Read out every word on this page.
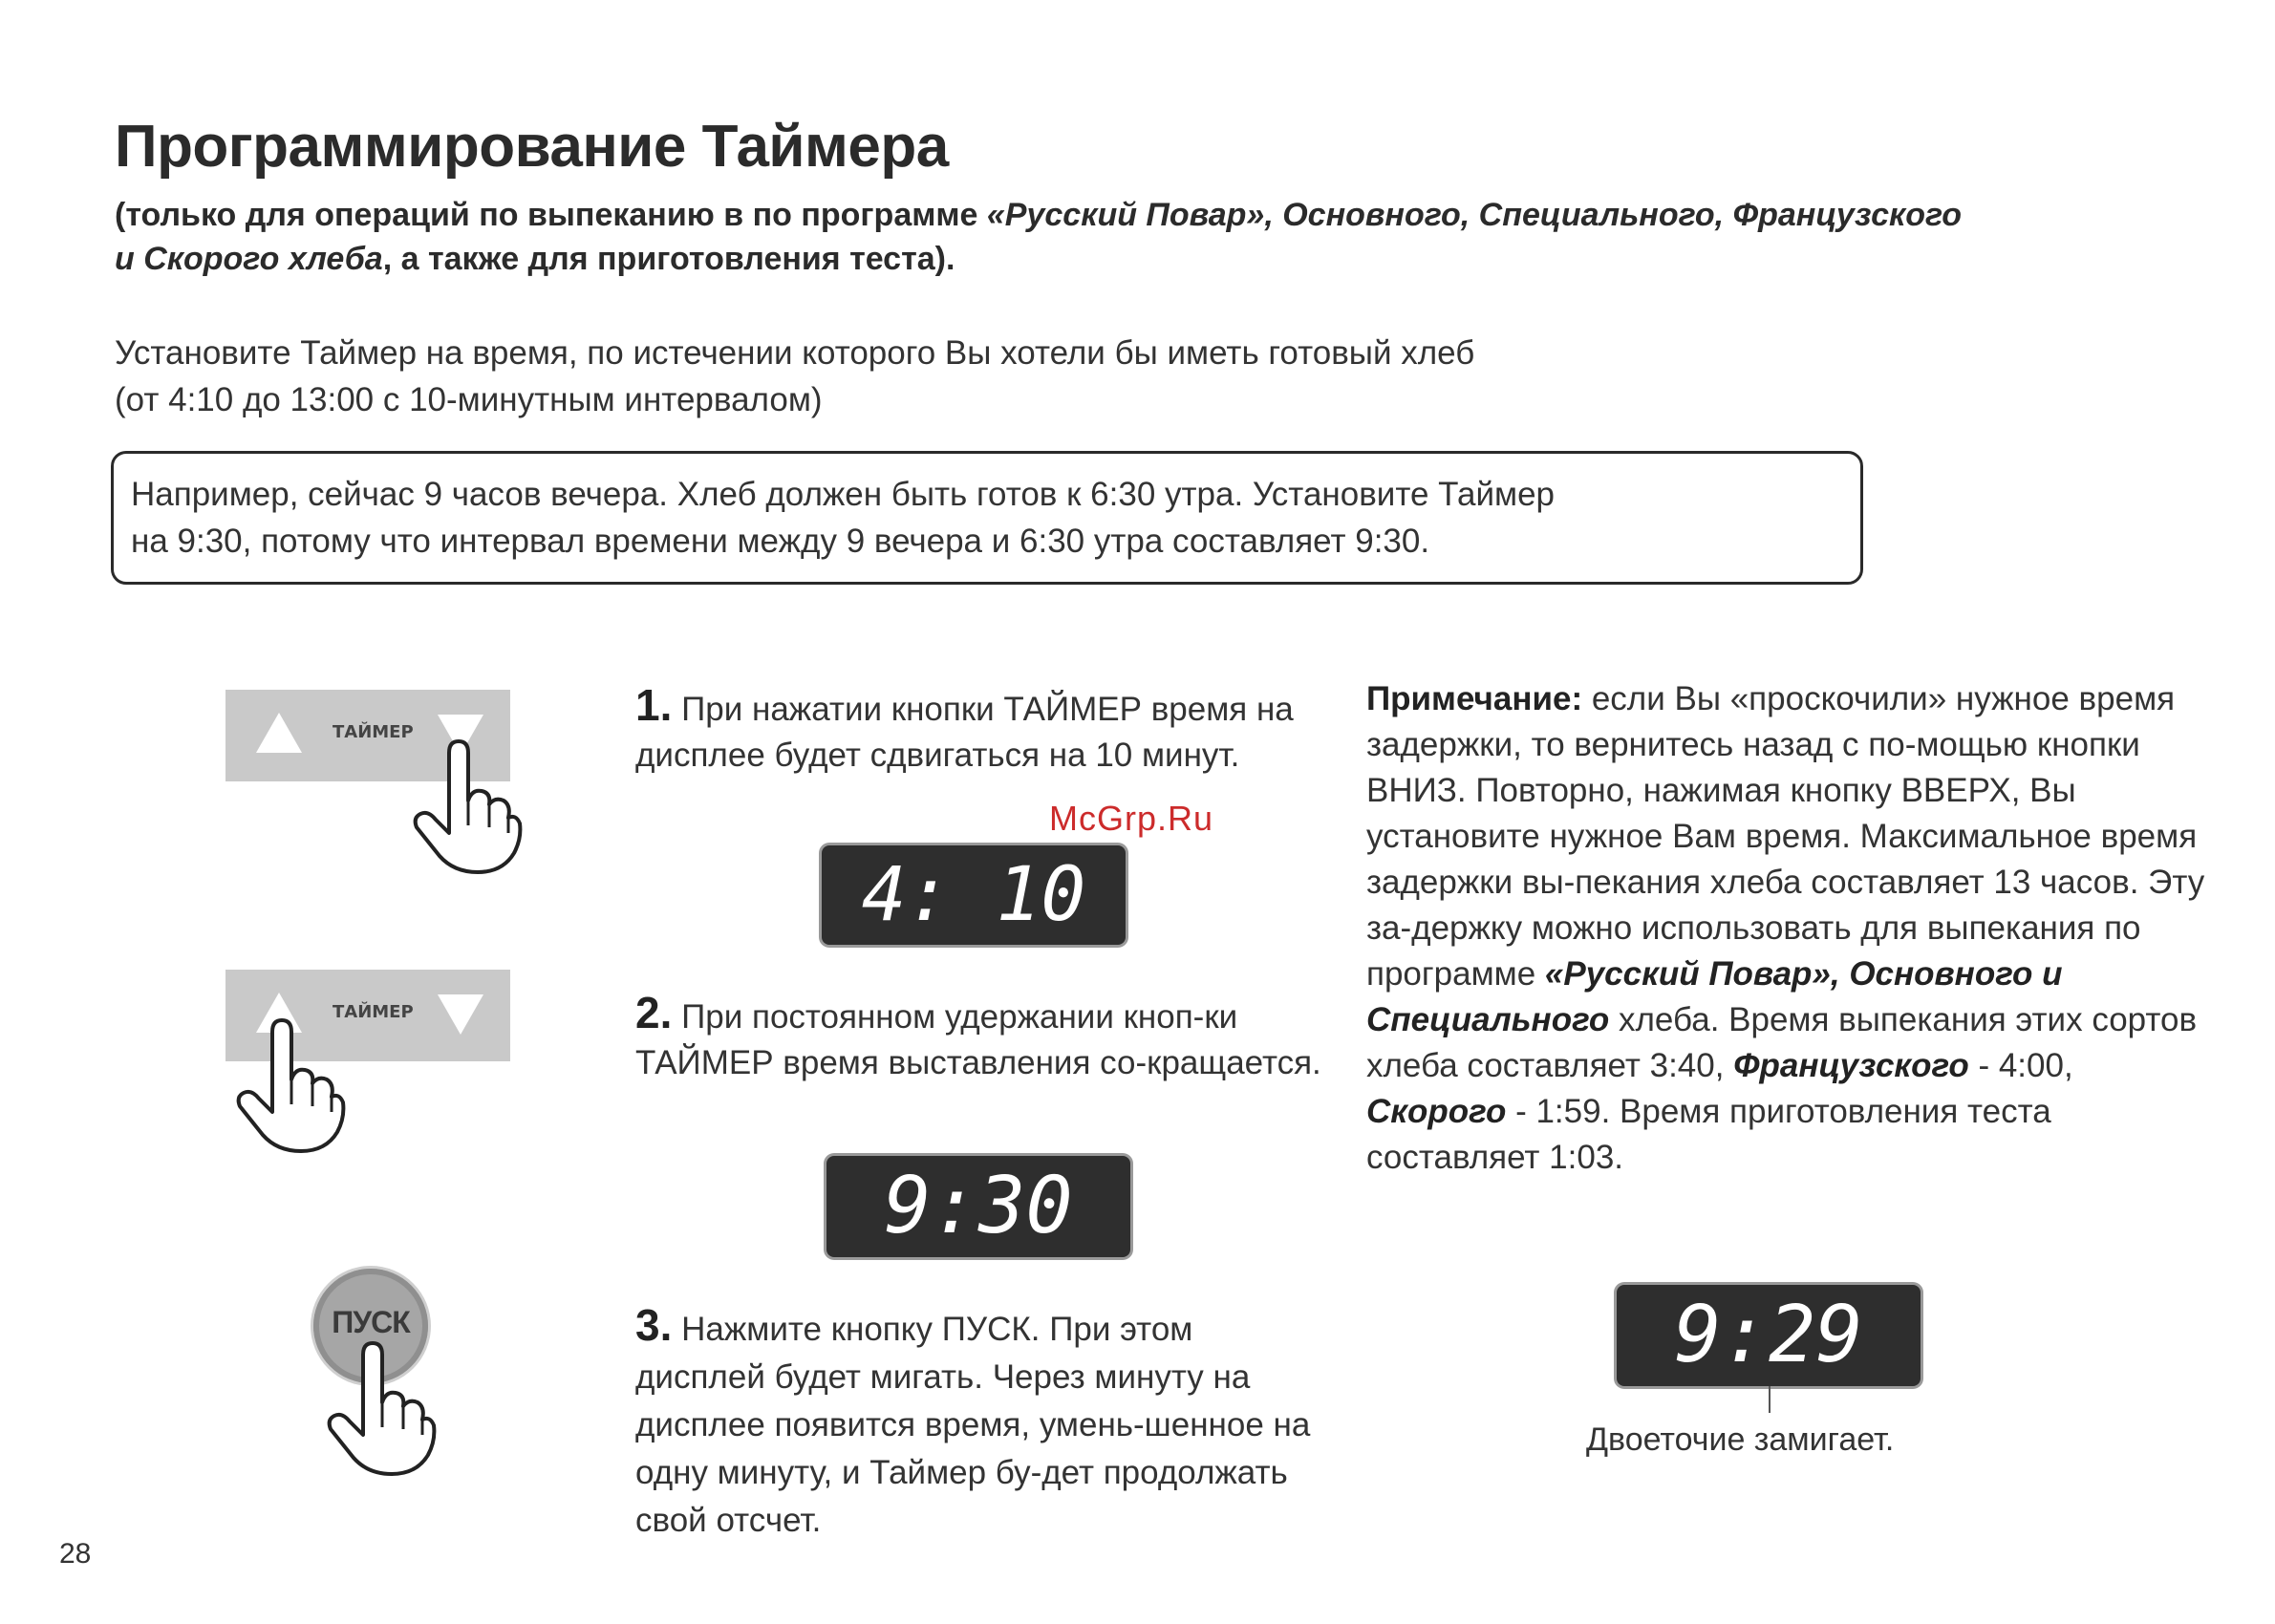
Программирование Таймера
(только для операций по выпеканию в по программе «Русский Повар», Основного, Специального, Французского
и Скорого хлеба, а также для приготовления теста).
Установите Таймер на время, по истечении которого Вы хотели бы иметь готовый хлеб
(от 4:10 до 13:00 с 10-минутным интервалом)
Например, сейчас 9 часов вечера. Хлеб должен быть готов к 6:30 утра. Установите Таймер
на 9:30, потому что интервал времени между 9 вечера и 6:30 утра составляет 9:30.
ТАЙМЕР
ТАЙМЕР
ПУСК
1. При нажатии кнопки ТАЙМЕР время на дисплее будет сдвигаться на 10 минут.
4: 10
2. При постоянном удержании кноп-ки ТАЙМЕР время выставления со-кращается.
9:30
3. Нажмите кнопку ПУСК. При этом дисплей будет мигать. Через минуту на дисплее появится время, умень-шенное на одну минуту, и Таймер бу-дет продолжать свой отсчет.
McGrp.Ru
Примечание: если Вы «проскочили» нужное время задержки, то вернитесь назад с по-мощью кнопки ВНИЗ. Повторно, нажимая кнопку ВВЕРХ, Вы установите нужное Вам время. Максимальное время задержки вы-пекания хлеба составляет 13 часов. Эту за-держку можно использовать для выпекания по программе «Русский Повар», Основного и Специального хлеба. Время выпекания этих сортов хлеба составляет 3:40, Французского - 4:00, Скорого - 1:59. Время приготовления теста составляет 1:03.
9:29
Двоеточие замигает.
28
